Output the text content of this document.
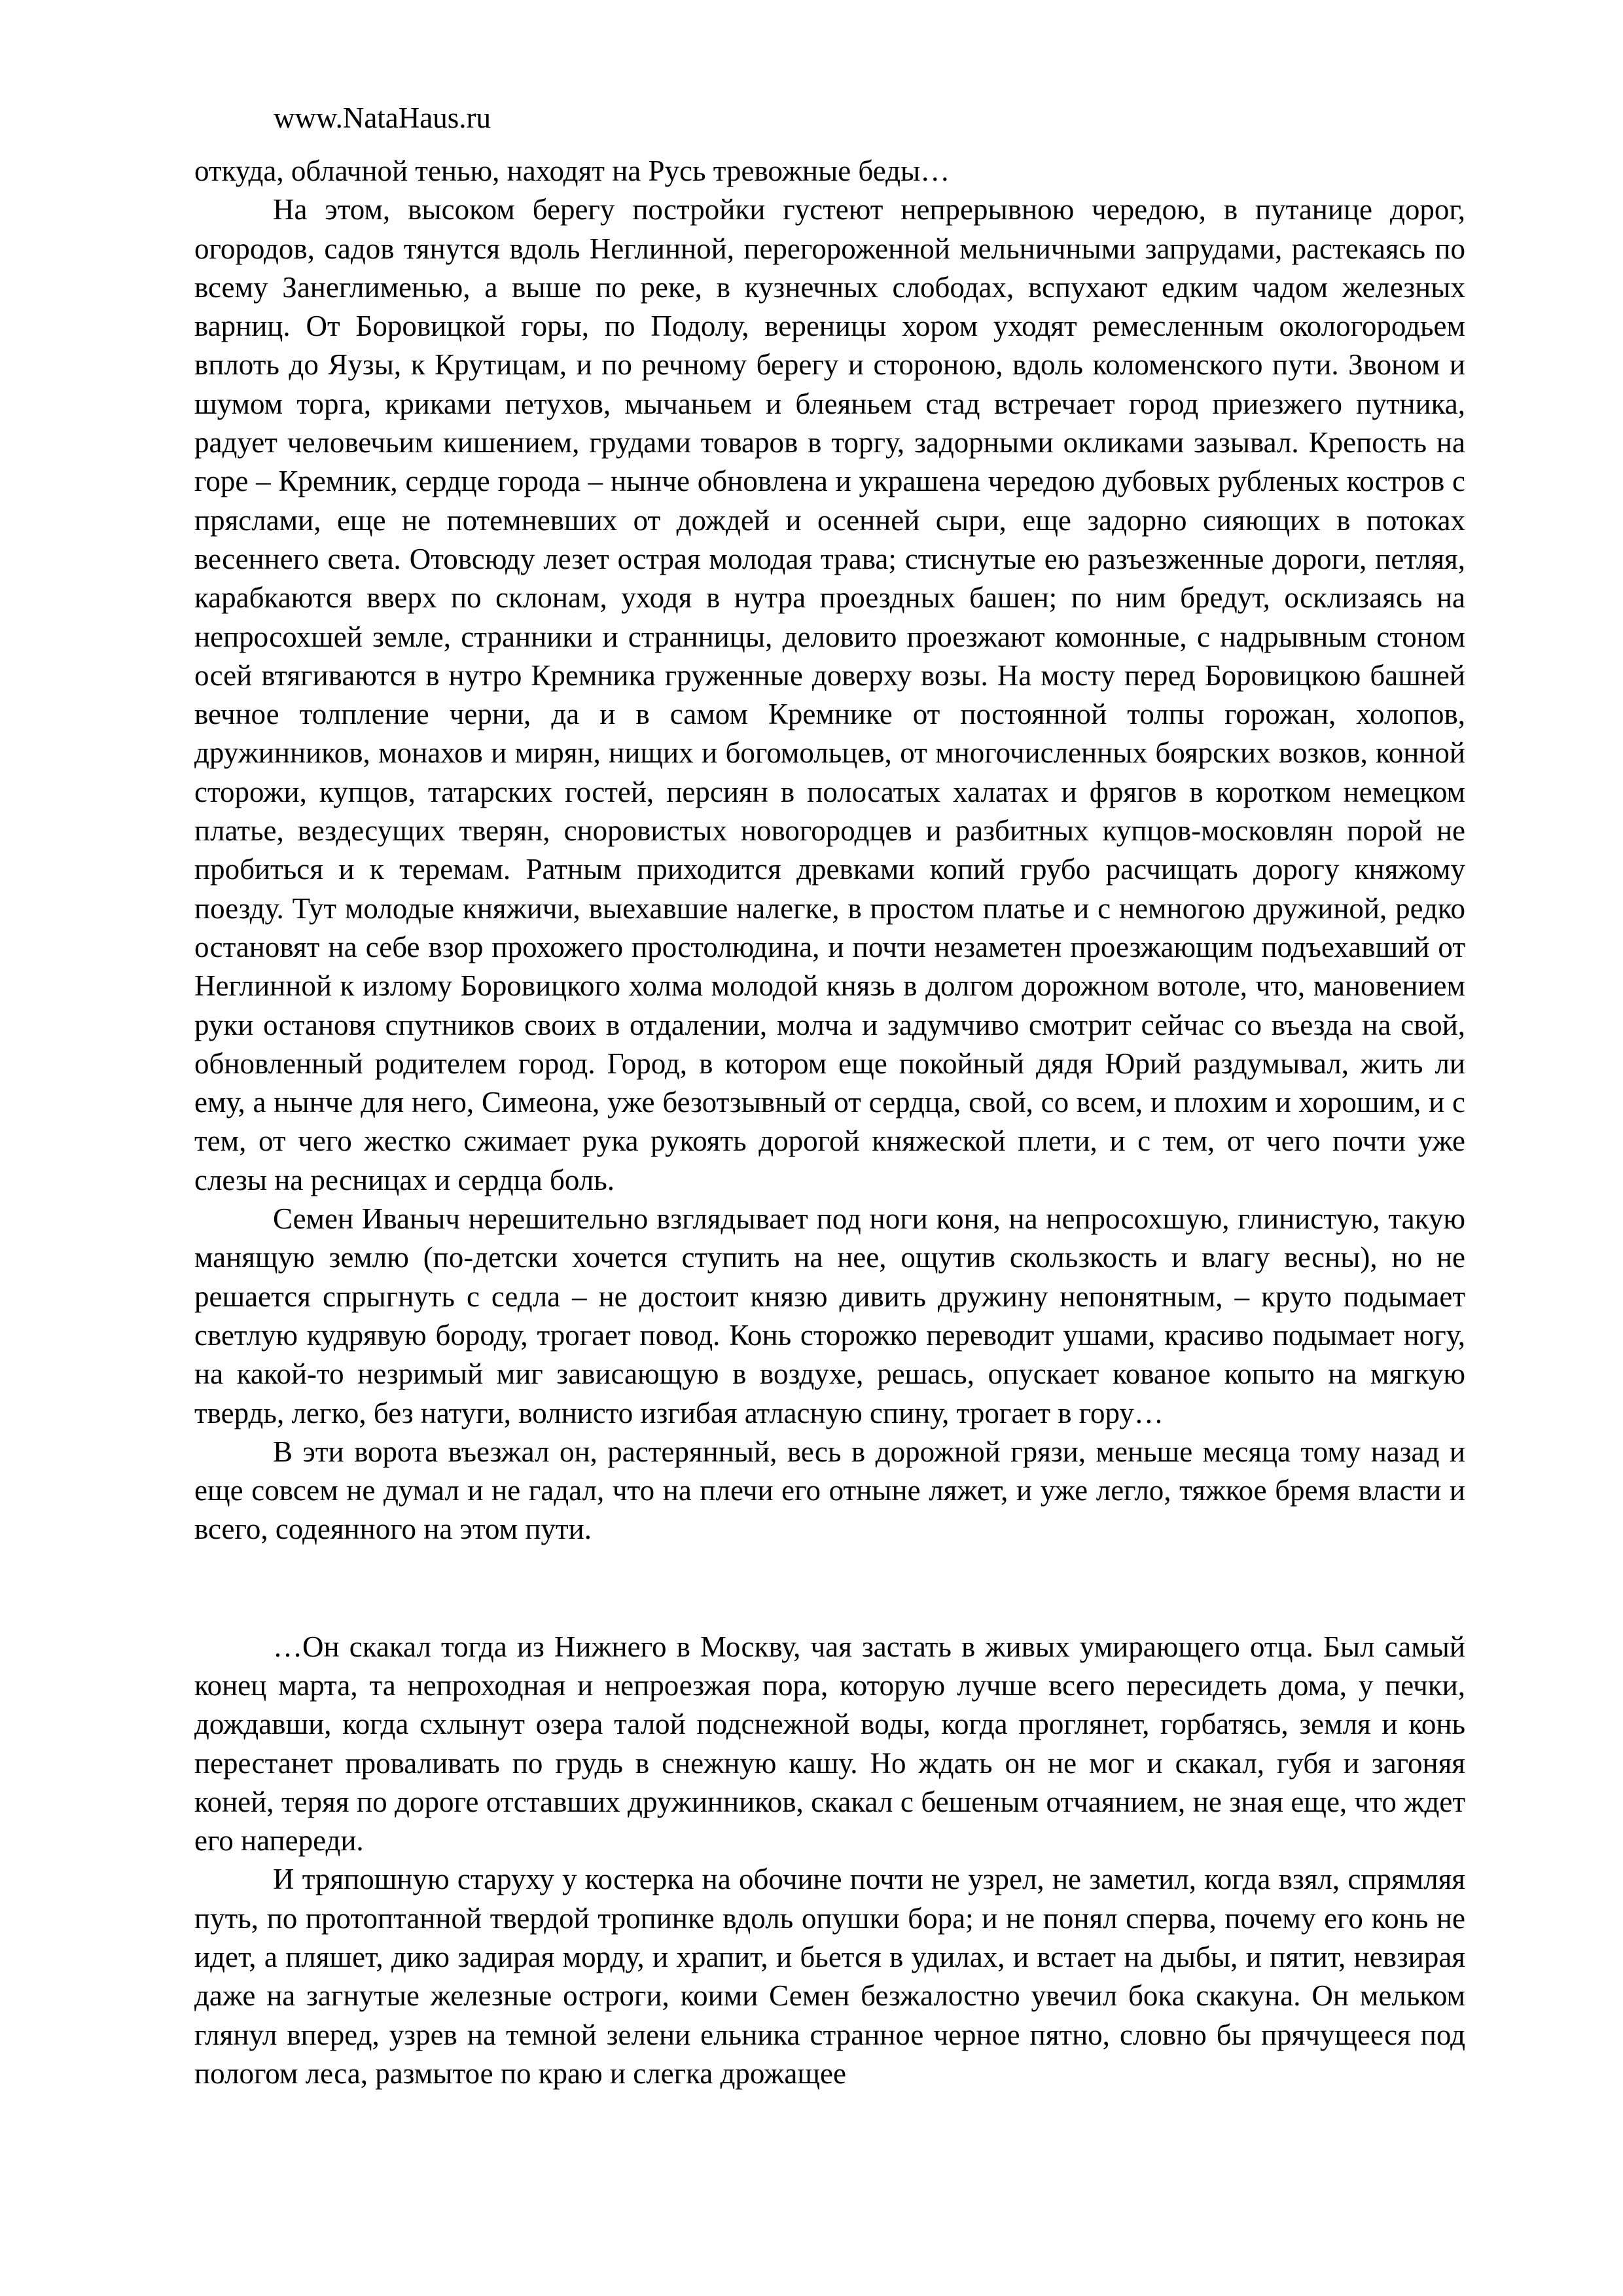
www.NataHaus.ru

откуда, облачной тенью, находят на Русь тревожные беды…

На этом, высоком берегу постройки густеют непрерывною чередою, в путанице дорог, огородов, садов тянутся вдоль Неглинной, перегороженной мельничными запрудами, растекаясь по всему Занеглименью, а выше по реке, в кузнечных слободах, вспухают едким чадом железных варниц. От Боровицкой горы, по Подолу, вереницы хором уходят ремесленным окологородьем вплоть до Яузы, к Крутицам, и по речному берегу и стороною, вдоль коломенского пути. Звоном и шумом торга, криками петухов, мычаньем и блеяньем стад встречает город приезжего путника, радует человечьим кишением, грудами товаров в торгу, задорными окликами зазывал. Крепость на горе – Кремник, сердце города – нынче обновлена и украшена чередою дубовых рубленых костров с пряслами, еще не потемневших от дождей и осенней сыри, еще задорно сияющих в потоках весеннего света. Отовсюду лезет острая молодая трава; стиснутые ею разъезженные дороги, петляя, карабкаются вверх по склонам, уходя в нутра проездных башен; по ним бредут, осклизаясь на непросохшей земле, странники и странницы, деловито проезжают комонные, с надрывным стоном осей втягиваются в нутро Кремника груженные доверху возы. На мосту перед Боровицкою башней вечное толпление черни, да и в самом Кремнике от постоянной толпы горожан, холопов, дружинников, монахов и мирян, нищих и богомольцев, от многочисленных боярских возков, конной сторожи, купцов, татарских гостей, персиян в полосатых халатах и фрягов в коротком немецком платье, вездесущих тверян, сноровистых новогородцев и разбитных купцов-московлян порой не пробиться и к теремам. Ратным приходится древками копий грубо расчищать дорогу княжому поезду. Тут молодые княжичи, выехавшие налегке, в простом платье и с немногою дружиной, редко остановят на себе взор прохожего простолюдина, и почти незаметен проезжающим подъехавший от Неглинной к излому Боровицкого холма молодой князь в долгом дорожном вотоле, что, мановением руки остановя спутников своих в отдалении, молча и задумчиво смотрит сейчас со въезда на свой, обновленный родителем город. Город, в котором еще покойный дядя Юрий раздумывал, жить ли ему, а нынче для него, Симеона, уже безотзывный от сердца, свой, со всем, и плохим и хорошим, и с тем, от чего жестко сжимает рука рукоять дорогой княжеской плети, и с тем, от чего почти уже слезы на ресницах и сердца боль.

Семен Иваныч нерешительно взглядывает под ноги коня, на непросохшую, глинистую, такую манящую землю (по-детски хочется ступить на нее, ощутив скользкость и влагу весны), но не решается спрыгнуть с седла – не достоит князю дивить дружину непонятным, – круто подымает светлую кудрявую бороду, трогает повод. Конь сторожко переводит ушами, красиво подымает ногу, на какой-то незримый миг зависающую в воздухе, решась, опускает кованое копыто на мягкую твердь, легко, без натуги, волнисто изгибая атласную спину, трогает в гору…

В эти ворота въезжал он, растерянный, весь в дорожной грязи, меньше месяца тому назад и еще совсем не думал и не гадал, что на плечи его отныне ляжет, и уже легло, тяжкое бремя власти и всего, содеянного на этом пути.

…Он скакал тогда из Нижнего в Москву, чая застать в живых умирающего отца. Был самый конец марта, та непроходная и непроезжая пора, которую лучше всего пересидеть дома, у печки, дождавши, когда схлынут озера талой подснежной воды, когда проглянет, горбатясь, земля и конь перестанет проваливать по грудь в снежную кашу. Но ждать он не мог и скакал, губя и загоняя коней, теряя по дороге отставших дружинников, скакал с бешеным отчаянием, не зная еще, что ждет его напереди.

И тряпошную старуху у костерка на обочине почти не узрел, не заметил, когда взял, спрямляя путь, по протоптанной твердой тропинке вдоль опушки бора; и не понял сперва, почему его конь не идет, а пляшет, дико задирая морду, и храпит, и бьется в удилах, и встает на дыбы, и пятит, невзирая даже на загнутые железные остроги, коими Семен безжалостно увечил бока скакуна. Он мельком глянул вперед, узрев на темной зелени ельника странное черное пятно, словно бы прячущееся под пологом леса, размытое по краю и слегка дрожащее
